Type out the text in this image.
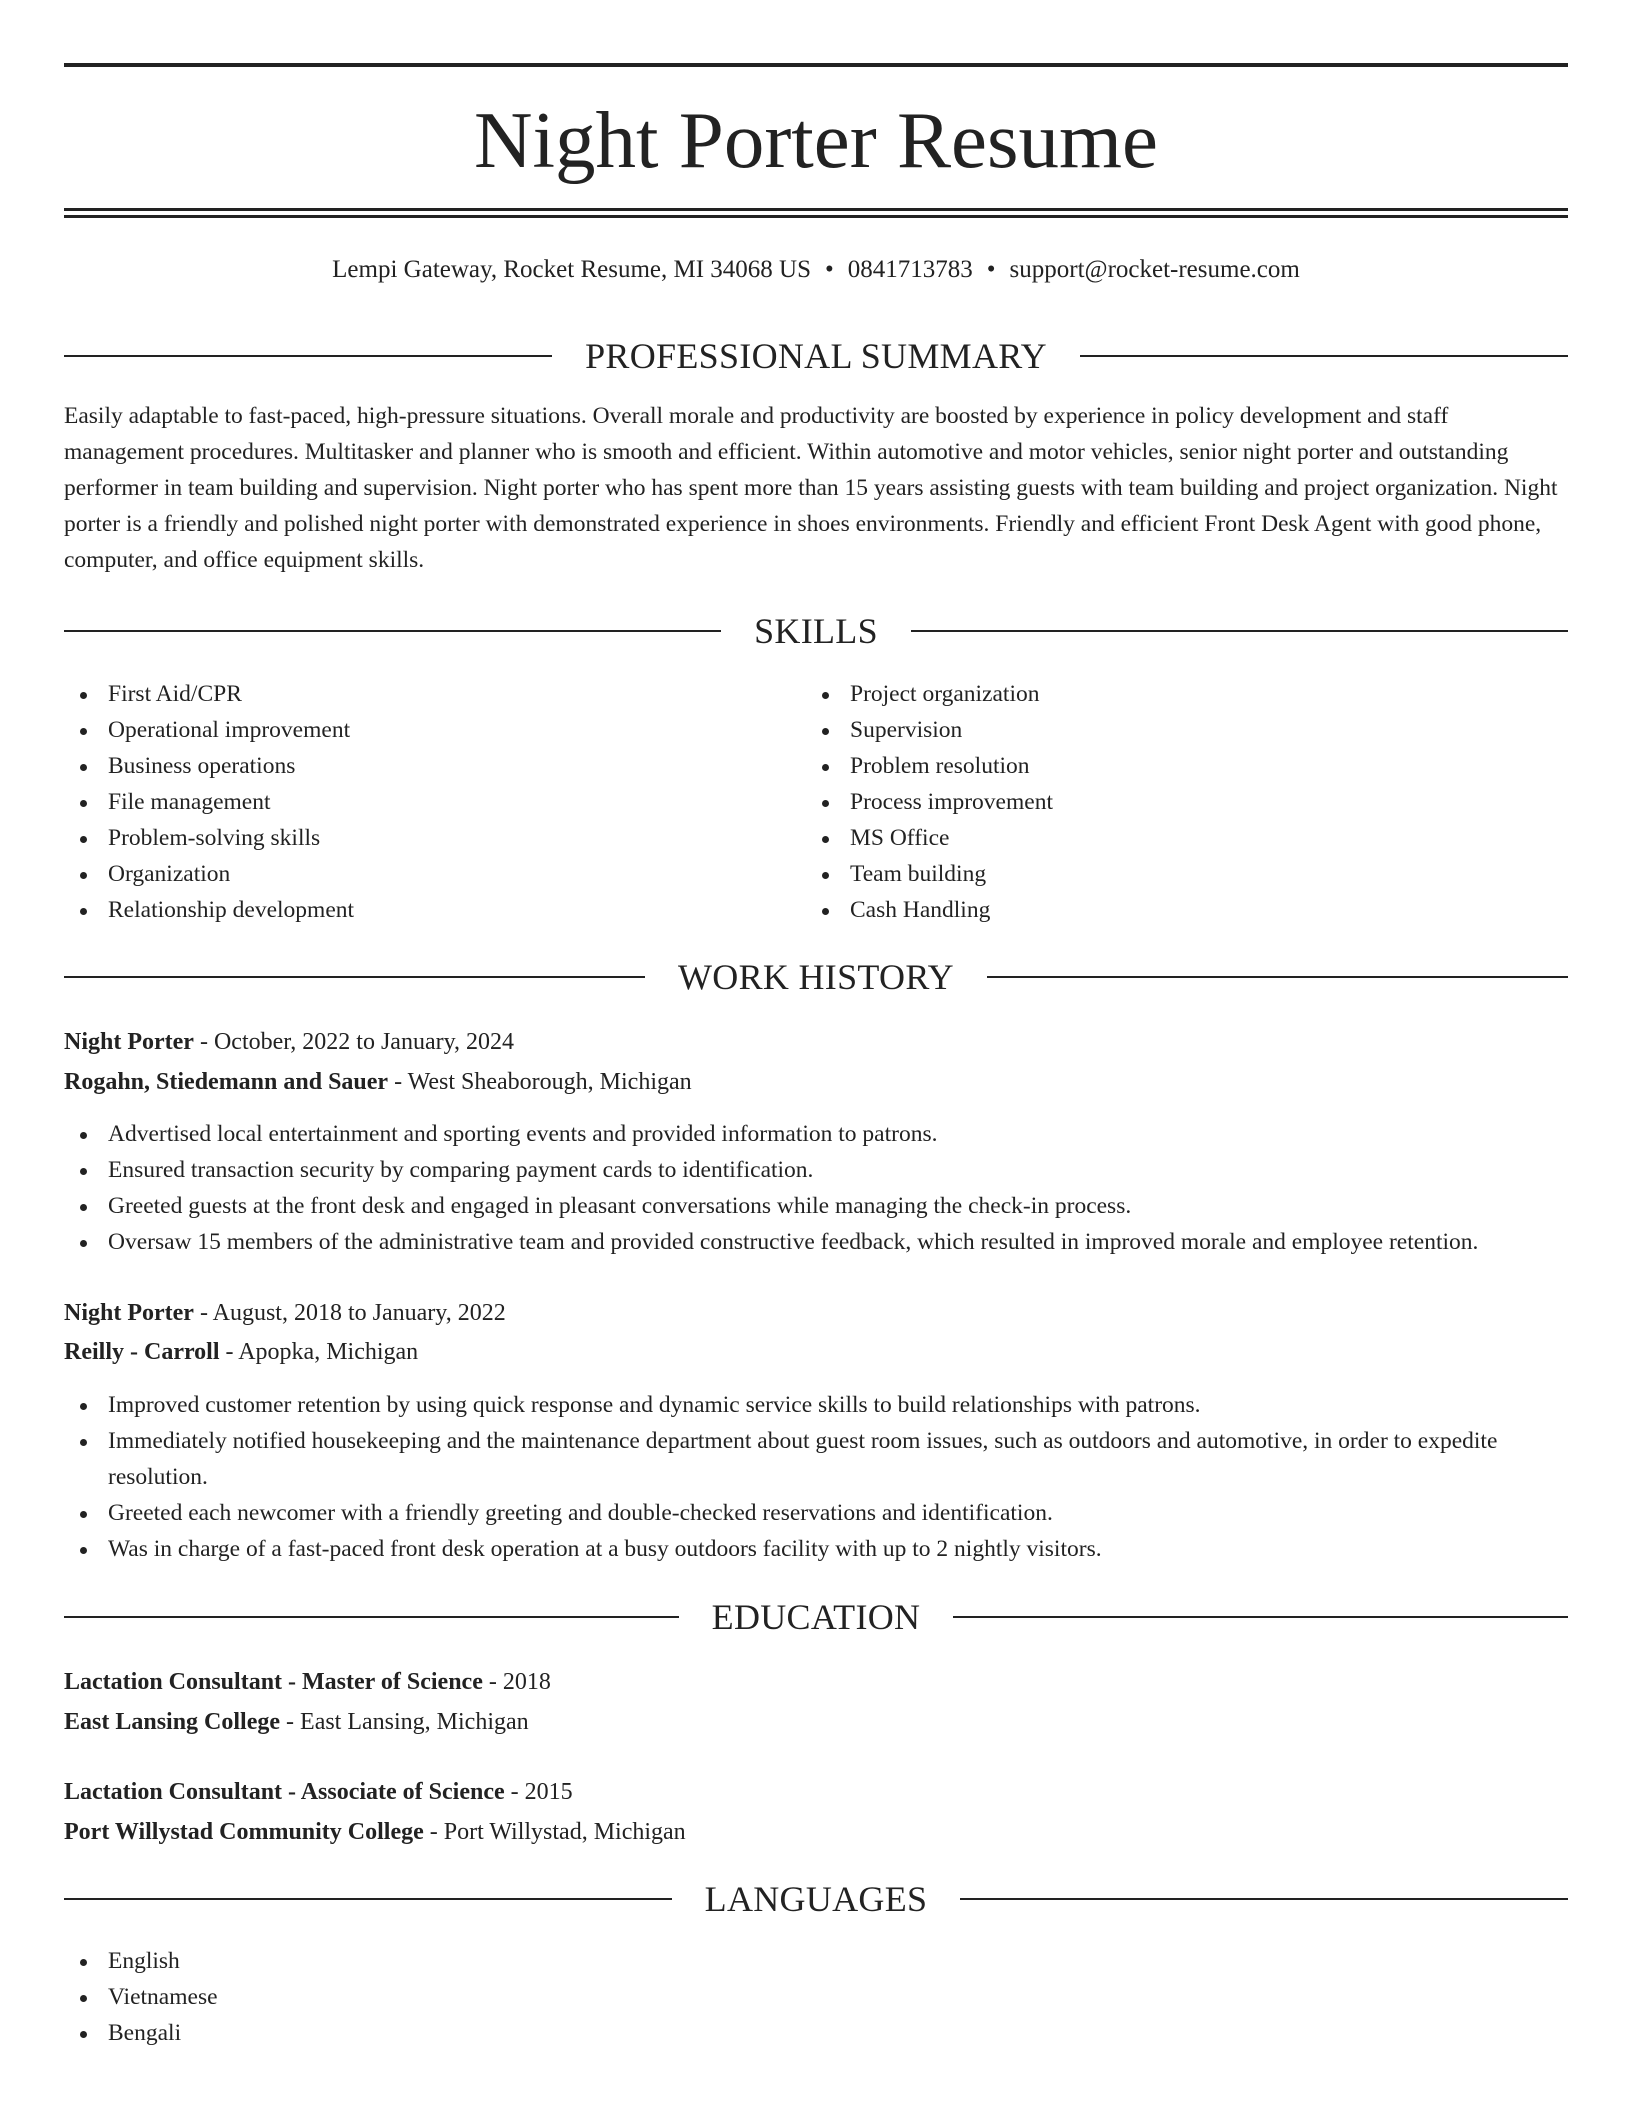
Night Porter Resume
Lempi Gateway, Rocket Resume, MI 34068 US • 0841713783 • support@rocket-resume.com
PROFESSIONAL SUMMARY

Easily adaptable to fast-paced, high-pressure situations. Overall morale and productivity are boosted by experience in policy development and staff management procedures. Multitasker and planner who is smooth and efficient. Within automotive and motor vehicles, senior night porter and outstanding performer in team building and supervision. Night porter who has spent more than 15 years assisting guests with team building and project organization. Night porter is a friendly and polished night porter with demonstrated experience in shoes environments. Friendly and efficient Front Desk Agent with good phone, computer, and office equipment skills.

SKILLS
First Aid/CPR
Operational improvement
Business operations
File management
Problem-solving skills
Organization
Relationship development
Project organization
Supervision
Problem resolution
Process improvement
MS Office
Team building
Cash Handling
WORK HISTORY
Night Porter - October, 2022 to January, 2024
Rogahn, Stiedemann and Sauer - West Sheaborough, Michigan
Advertised local entertainment and sporting events and provided information to patrons.
Ensured transaction security by comparing payment cards to identification.
Greeted guests at the front desk and engaged in pleasant conversations while managing the check-in process.
Oversaw 15 members of the administrative team and provided constructive feedback, which resulted in improved morale and employee retention.
Night Porter - August, 2018 to January, 2022
Reilly - Carroll - Apopka, Michigan
Improved customer retention by using quick response and dynamic service skills to build relationships with patrons.
Immediately notified housekeeping and the maintenance department about guest room issues, such as outdoors and automotive, in order to expedite resolution.
Greeted each newcomer with a friendly greeting and double-checked reservations and identification.
Was in charge of a fast-paced front desk operation at a busy outdoors facility with up to 2 nightly visitors.
EDUCATION
Lactation Consultant - Master of Science - 2018
East Lansing College - East Lansing, Michigan
Lactation Consultant - Associate of Science - 2015
Port Willystad Community College - Port Willystad, Michigan
LANGUAGES
English
Vietnamese
Bengali
